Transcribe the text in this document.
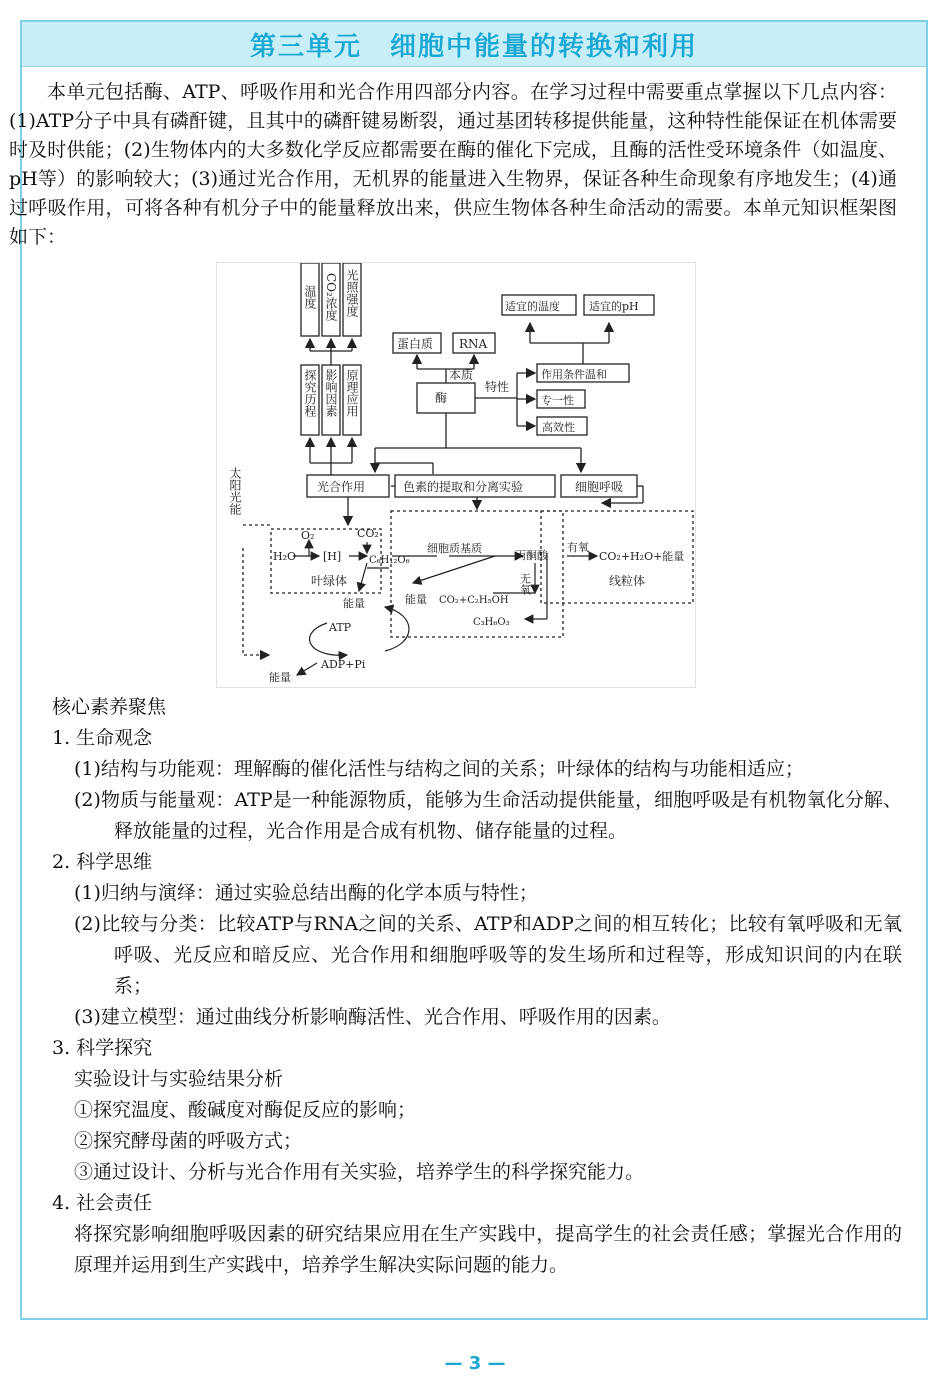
第三单元　细胞中能量的转换和利用

本单元包括酶、ATP、呼吸作用和光合作用四部分内容。在学习过程中需要重点掌握以下几点内容：(1)ATP分子中具有磷酐键，且其中的磷酐键易断裂，通过基团转移提供能量，这种特性能保证在机体需要时及时供能；(2)生物体内的大多数化学反应都需要在酶的催化下完成，且酶的活性受环境条件（如温度、pH等）的影响较大；(3)通过光合作用，无机界的能量进入生物界，保证各种生命现象有序地发生；(4)通过呼吸作用，可将各种有机分子中的能量释放出来，供应生物体各种生命活动的需要。本单元知识框架图如下：

温度 CO₂浓度 光照强度
探究历程 影响因素 原理应用
太阳光能
蛋白质 RNA
本质
酶
特性
适宜的温度	适宜的pH
作用条件温和
专一性
高效性
光合作用	色素的提取和分离实验	细胞呼吸
O₂	CO₂
H₂O [H]	C₆H₁₂O₆
叶绿体
细胞质基质
丙酮酸
有氧
CO₂+H₂O+能量
线粒体
无氧
能量 CO₂+C₂H₅OH
C₃H₆O₃
能量
ATP
ADP+Pi
能量

核心素养聚焦

1. 生命观念

(1)结构与功能观：理解酶的催化活性与结构之间的关系；叶绿体的结构与功能相适应；

(2)物质与能量观：ATP是一种能源物质，能够为生命活动提供能量，细胞呼吸是有机物氧化分解、释放能量的过程，光合作用是合成有机物、储存能量的过程。

2. 科学思维

(1)归纳与演绎：通过实验总结出酶的化学本质与特性；

(2)比较与分类：比较ATP与RNA之间的关系、ATP和ADP之间的相互转化；比较有氧呼吸和无氧呼吸、光反应和暗反应、光合作用和细胞呼吸等的发生场所和过程等，形成知识间的内在联系；

(3)建立模型：通过曲线分析影响酶活性、光合作用、呼吸作用的因素。

3. 科学探究

实验设计与实验结果分析

①探究温度、酸碱度对酶促反应的影响；

②探究酵母菌的呼吸方式；

③通过设计、分析与光合作用有关实验，培养学生的科学探究能力。

4. 社会责任

将探究影响细胞呼吸因素的研究结果应用在生产实践中，提高学生的社会责任感；掌握光合作用的原理并运用到生产实践中，培养学生解决实际问题的能力。

— 3 —
